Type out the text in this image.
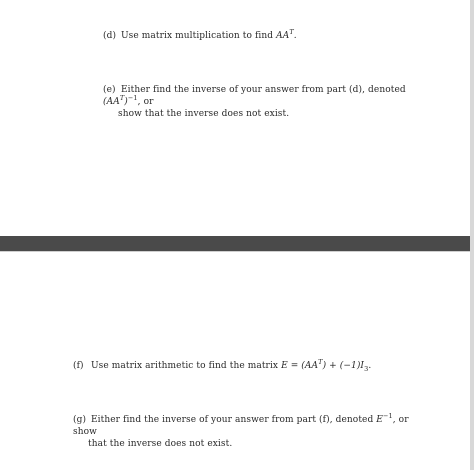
(d) Use matrix multiplication to find $AA^T$.
(e) Either find the inverse of your answer from part (d), denoted $(AA^T)^{-1}$, or
show that the inverse does not exist.
(f) Use matrix arithmetic to find the matrix $E = (AA^T) + (-1)I_3$.
(g) Either find the inverse of your answer from part (f), denoted $E^{-1}$, or show
that the inverse does not exist.
